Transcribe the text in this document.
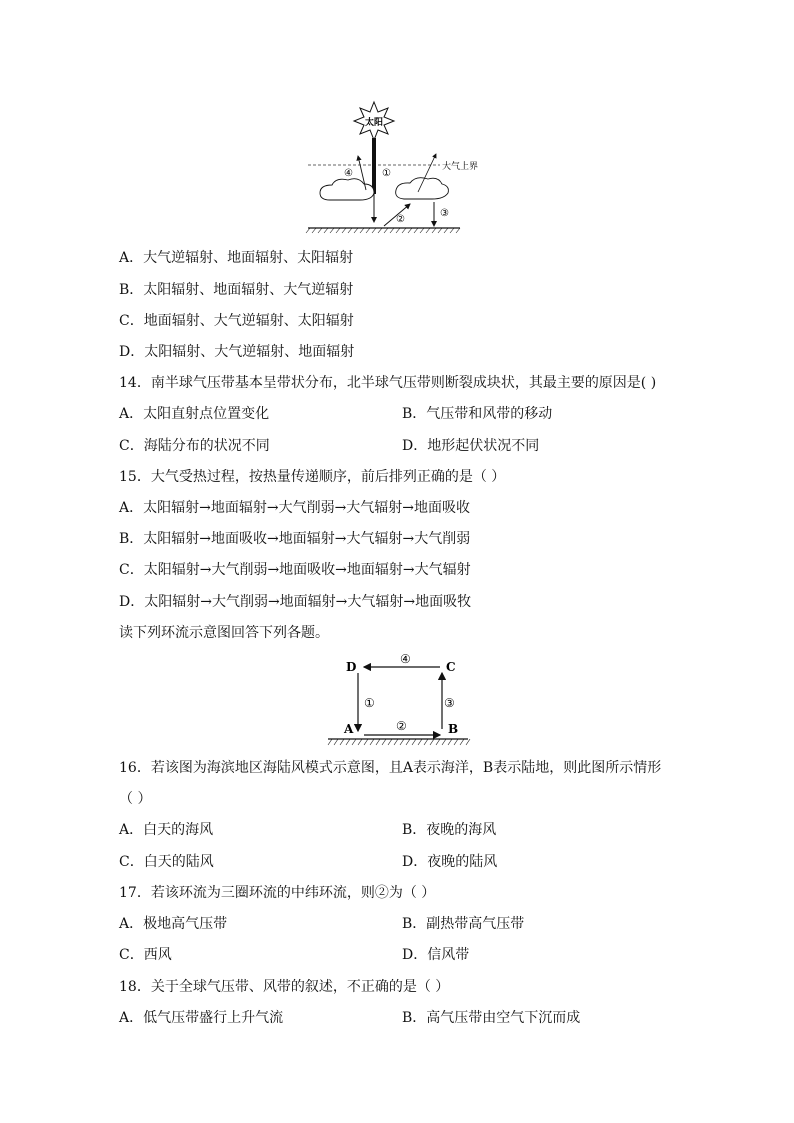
太阳
大气上界
④	①
②
③
A．大气逆辐射、地面辐射、太阳辐射
B．太阳辐射、地面辐射、大气逆辐射
C．地面辐射、大气逆辐射、太阳辐射
D．太阳辐射、大气逆辐射、地面辐射
14．南半球气压带基本呈带状分布，北半球气压带则断裂成块状，其最主要的原因是( )
A．太阳直射点位置变化	B．气压带和风带的移动
C．海陆分布的状况不同	D．地形起伏状况不同
15．大气受热过程，按热量传递顺序，前后排列正确的是（ ）
A．太阳辐射→地面辐射→大气削弱→大气辐射→地面吸收
B．太阳辐射→地面吸收→地面辐射→大气辐射→大气削弱
C．太阳辐射→大气削弱→地面吸收→地面辐射→大气辐射
D．太阳辐射→大气削弱→地面辐射→大气辐射→地面吸牧
读下列环流示意图回答下列各题。
D	C
A	B
④
①
②
③
16．若该图为海滨地区海陆风模式示意图，且A表示海洋，B表示陆地，则此图所示情形
（ ）
A．白天的海风	B．夜晚的海风
C．白天的陆风	D．夜晚的陆风
17．若该环流为三圈环流的中纬环流，则②为（ ）
A．极地高气压带	B．副热带高气压带
C．西风	D．信风带
18．关于全球气压带、风带的叙述，不正确的是（ ）
A．低气压带盛行上升气流	B．高气压带由空气下沉而成
